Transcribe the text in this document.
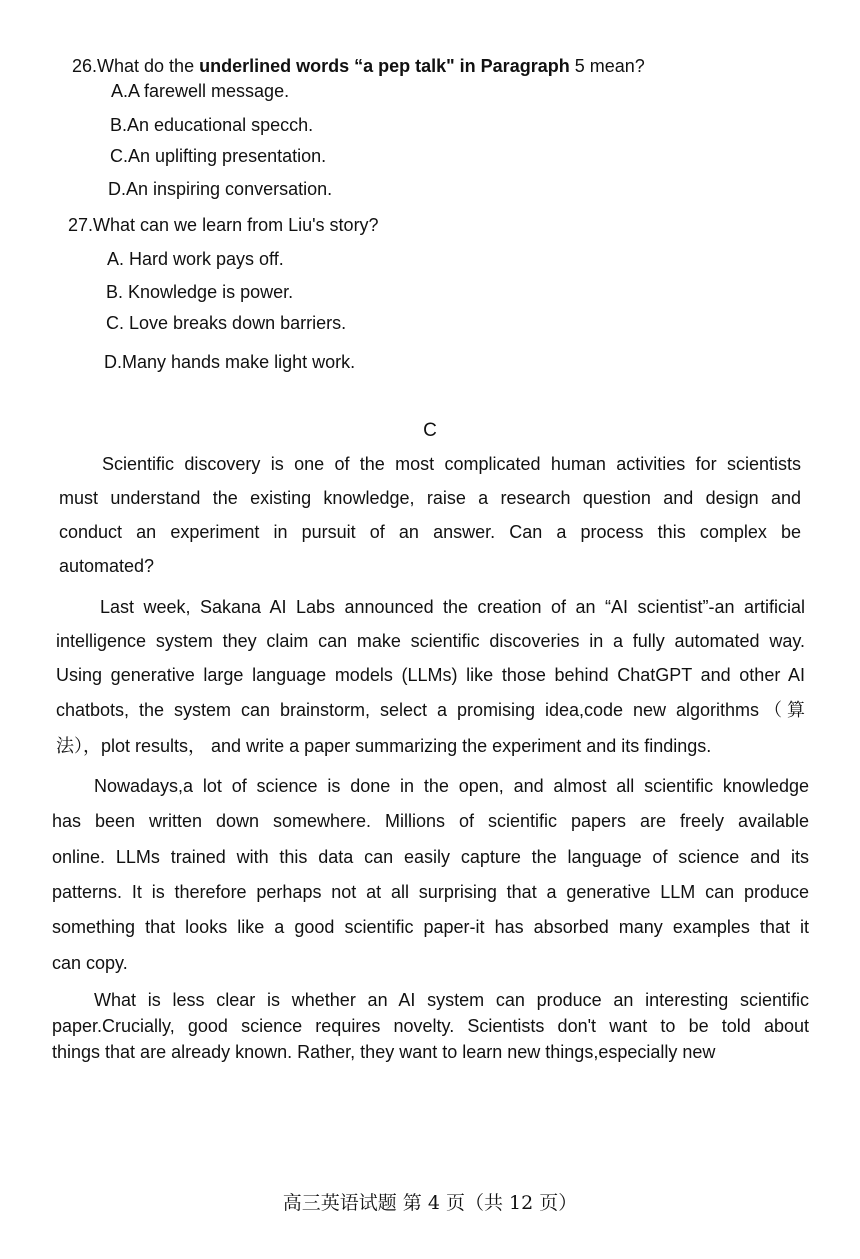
26.What do the underlined words “a pep talk" in Paragraph 5 mean?
A.A farewell message.
B.An educational specch.
C.An uplifting presentation.
D.An inspiring conversation.
27.What can we learn from Liu's story?
A. Hard work pays off.
B. Knowledge is power.
C. Love breaks down barriers.
D.Many hands make light work.
C
Scientific discovery is one of the most complicated human activities for scientists
must understand the existing knowledge, raise a research question and design and
conduct an experiment in pursuit of an answer. Can a process this complex be
automated?
Last week, Sakana AI Labs announced the creation of an “AI scientist”-an artificial
intelligence system they claim can make scientific discoveries in a fully automated way.
Using generative large language models (LLMs) like those behind ChatGPT and other AI
chatbots, the system can brainstorm, select a promising idea,code new algorithms（算
法），plot results， and write a paper summarizing the experiment and its findings.
Nowadays,a lot of science is done in the open, and almost all scientific knowledge
has been written down somewhere. Millions of scientific papers are freely available
online. LLMs trained with this data can easily capture the language of science and its
patterns. It is therefore perhaps not at all surprising that a generative LLM can produce
something that looks like a good scientific paper-it has absorbed many examples that it
can copy.
What is less clear is whether an AI system can produce an interesting scientific
paper.Crucially, good science requires novelty. Scientists don't want to be told about
things that are already known. Rather, they want to learn new things,especially new
高三英语试题 第 4 页（共 12 页）
